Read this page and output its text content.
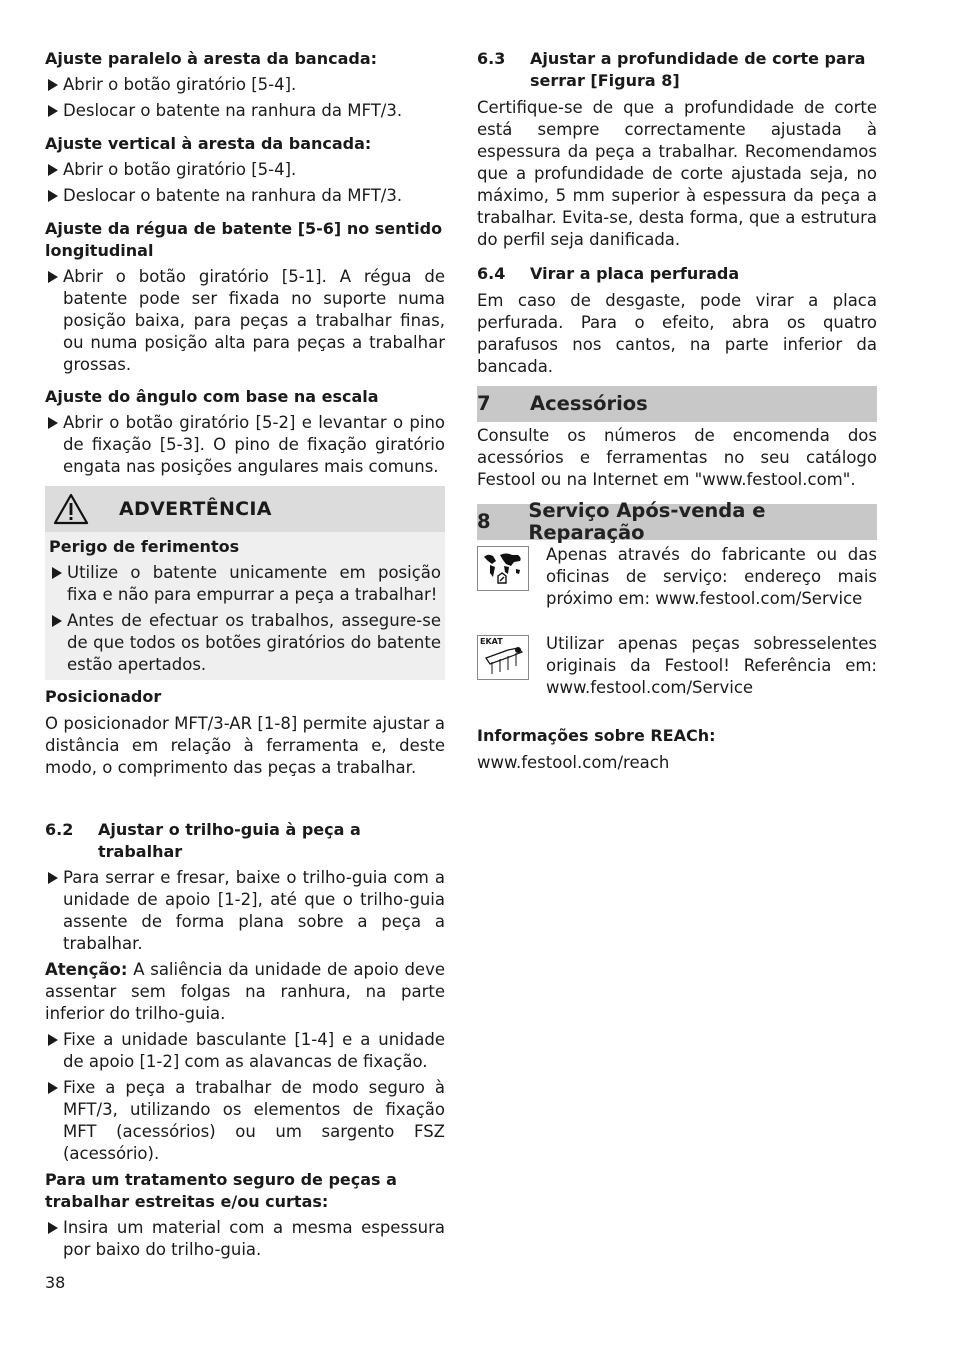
Ajuste paralelo à aresta da bancada:
Abrir o botão giratório [5-4].
Deslocar o batente na ranhura da MFT/3.
Ajuste vertical à aresta da bancada:
Abrir o botão giratório [5-4].
Deslocar o batente na ranhura da MFT/3.
Ajuste da régua de batente [5-6] no sentido longitudinal
Abrir o botão giratório [5-1]. A régua de batente pode ser fixada no suporte numa posição baixa, para peças a trabalhar finas, ou numa posição alta para peças a trabalhar grossas.
Ajuste do ângulo com base na escala
Abrir o botão giratório [5-2] e levantar o pino de fixação [5-3]. O pino de fixação giratório engata nas posições angulares mais comuns.
ADVERTÊNCIA
Perigo de ferimentos
Utilize o batente unicamente em posição fixa e não para empurrar a peça a trabalhar!
Antes de efectuar os trabalhos, assegure-se de que todos os botões giratórios do batente estão apertados.
Posicionador

O posicionador MFT/3-AR [1-8] permite ajustar a distância em relação à ferramenta e, deste modo, o comprimento das peças a trabalhar.

6.2	Ajustar o trilho-guia à peça a trabalhar
Para serrar e fresar, baixe o trilho-guia com a unidade de apoio [1-2], até que o trilho-guia assente de forma plana sobre a peça a trabalhar.

Atenção: A saliência da unidade de apoio deve assentar sem folgas na ranhura, na parte inferior do trilho-guia.

Fixe a unidade basculante [1-4] e a unidade de apoio [1-2] com as alavancas de fixação.
Fixe a peça a trabalhar de modo seguro à MFT/3, utilizando os elementos de fixação MFT (acessórios) ou um sargento FSZ (acessório).
Para um tratamento seguro de peças a trabalhar estreitas e/ou curtas:
Insira um material com a mesma espessura por baixo do trilho-guia.
6.3	Ajustar a profundidade de corte para serrar [Figura 8]

Certifique-se de que a profundidade de corte está sempre correctamente ajustada à espessura da peça a trabalhar. Recomendamos que a profundidade de corte ajustada seja, no máximo, 5 mm superior à espessura da peça a trabalhar. Evita-se, desta forma, que a estrutura do perfil seja danificada.

6.4	Virar a placa perfurada

Em caso de desgaste, pode virar a placa perfurada. Para o efeito, abra os quatro parafusos nos cantos, na parte inferior da bancada.

7	Acessórios

Consulte os números de encomenda dos acessórios e ferramentas no seu catálogo Festool ou na Internet em "www.festool.com".

8	Serviço Após-venda e Reparação

Apenas através do fabricante ou das oficinas de serviço: endereço mais próximo em: www.festool.com/Service

EKAT	Utilizar apenas peças sobresselentes originais da Festool! Referência em: www.festool.com/Service

Informações sobre REACh:

www.festool.com/reach

38
